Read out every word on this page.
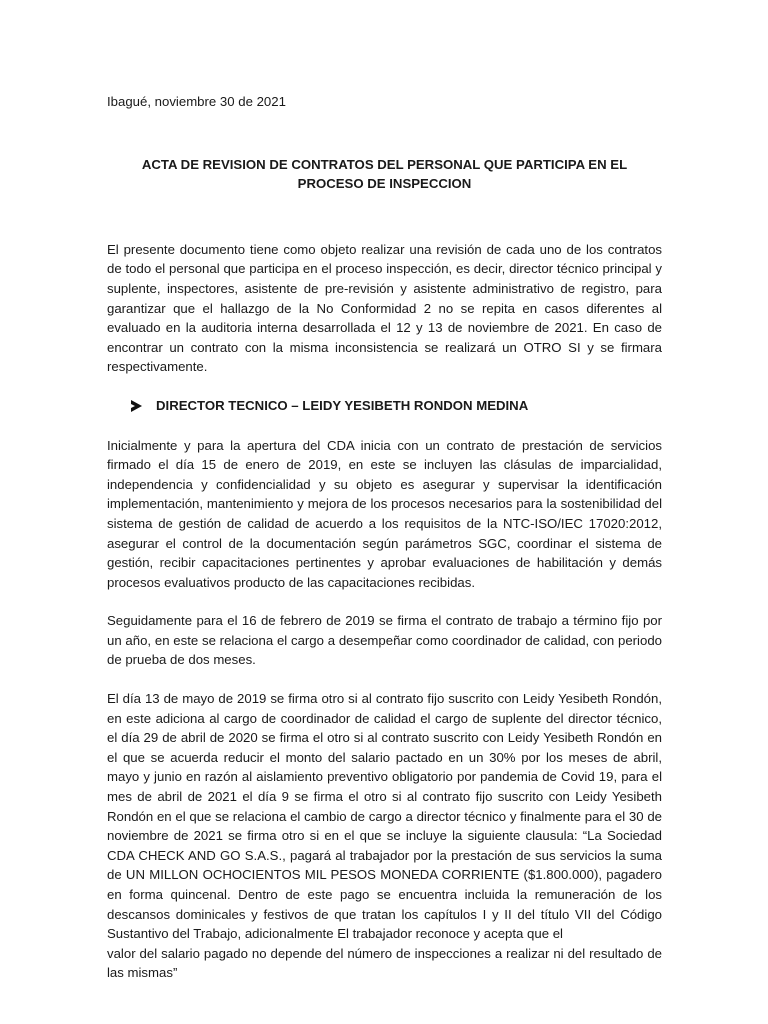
Ibagué, noviembre 30 de 2021
ACTA DE REVISION DE CONTRATOS DEL PERSONAL QUE PARTICIPA EN EL PROCESO DE INSPECCION

El presente documento tiene como objeto realizar una revisión de cada uno de los contratos de todo el personal que participa en el proceso inspección, es decir, director técnico principal y suplente, inspectores, asistente de pre-revisión y asistente administrativo de registro, para garantizar que el hallazgo de la No Conformidad 2 no se repita en casos diferentes al evaluado en la auditoria interna desarrollada el 12 y 13 de noviembre de 2021. En caso de encontrar un contrato con la misma inconsistencia se realizará un OTRO SI y se firmara respectivamente.

DIRECTOR TECNICO – LEIDY YESIBETH RONDON MEDINA

Inicialmente y para la apertura del CDA inicia con un contrato de prestación de servicios firmado el día 15 de enero de 2019, en este se incluyen las clásulas de imparcialidad, independencia y confidencialidad y su objeto es asegurar y supervisar la identificación implementación, mantenimiento y mejora de los procesos necesarios para la sostenibilidad del sistema de gestión de calidad de acuerdo a los requisitos de la NTC-ISO/IEC 17020:2012, asegurar el control de la documentación según parámetros SGC, coordinar el sistema de gestión, recibir capacitaciones pertinentes y aprobar evaluaciones de habilitación y demás procesos evaluativos producto de las capacitaciones recibidas.

Seguidamente para el 16 de febrero de 2019 se firma el contrato de trabajo a término fijo por un año, en este se relaciona el cargo a desempeñar como coordinador de calidad, con periodo de prueba de dos meses.

El día 13 de mayo de 2019 se firma otro si al contrato fijo suscrito con Leidy Yesibeth Rondón, en este adiciona al cargo de coordinador de calidad el cargo de suplente del director técnico, el día 29 de abril de 2020 se firma el otro si al contrato suscrito con Leidy Yesibeth Rondón en el que se acuerda reducir el monto del salario pactado en un 30% por los meses de abril, mayo y junio en razón al aislamiento preventivo obligatorio por pandemia de Covid 19, para el mes de abril de 2021 el día 9 se firma el otro si al contrato fijo suscrito con Leidy Yesibeth Rondón en el que se relaciona el cambio de cargo a director técnico y finalmente para el 30 de noviembre de 2021 se firma otro si en el que se incluye la siguiente clausula: “La Sociedad CDA CHECK AND GO S.A.S., pagará al trabajador por la prestación de sus servicios la suma de UN MILLON OCHOCIENTOS MIL PESOS MONEDA CORRIENTE ($1.800.000), pagadero en forma quincenal. Dentro de este pago se encuentra incluida la remuneración de los descansos dominicales y festivos de que tratan los capítulos I y II del título VII del Código Sustantivo del Trabajo, adicionalmente El trabajador reconoce y acepta que el

valor del salario pagado no depende del número de inspecciones a realizar ni del resultado de las mismas”
